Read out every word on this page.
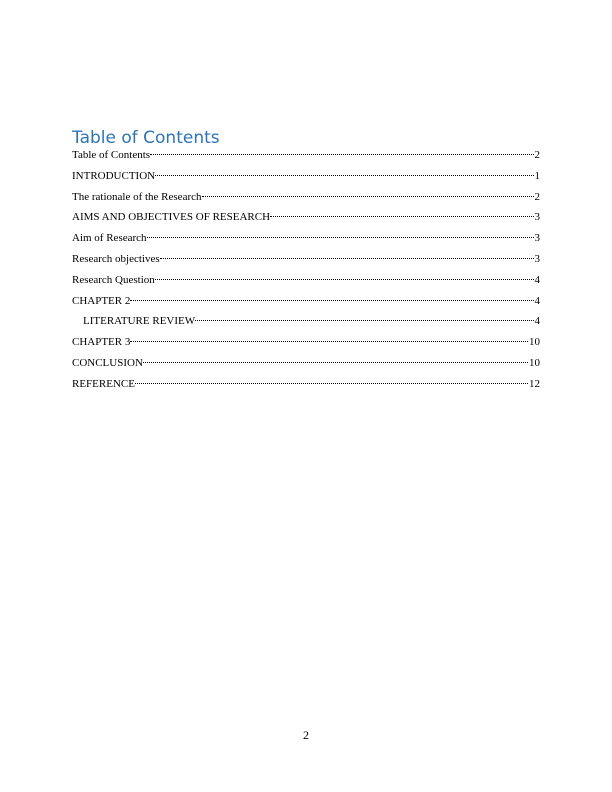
Table of Contents
Table of Contents	2
INTRODUCTION	1
The rationale of the Research	2
AIMS AND OBJECTIVES OF RESEARCH	3
Aim of Research	3
Research objectives	3
Research Question	4
CHAPTER 2	4
LITERATURE REVIEW	4
CHAPTER 3	10
CONCLUSION	10
REFERENCE	12
2
